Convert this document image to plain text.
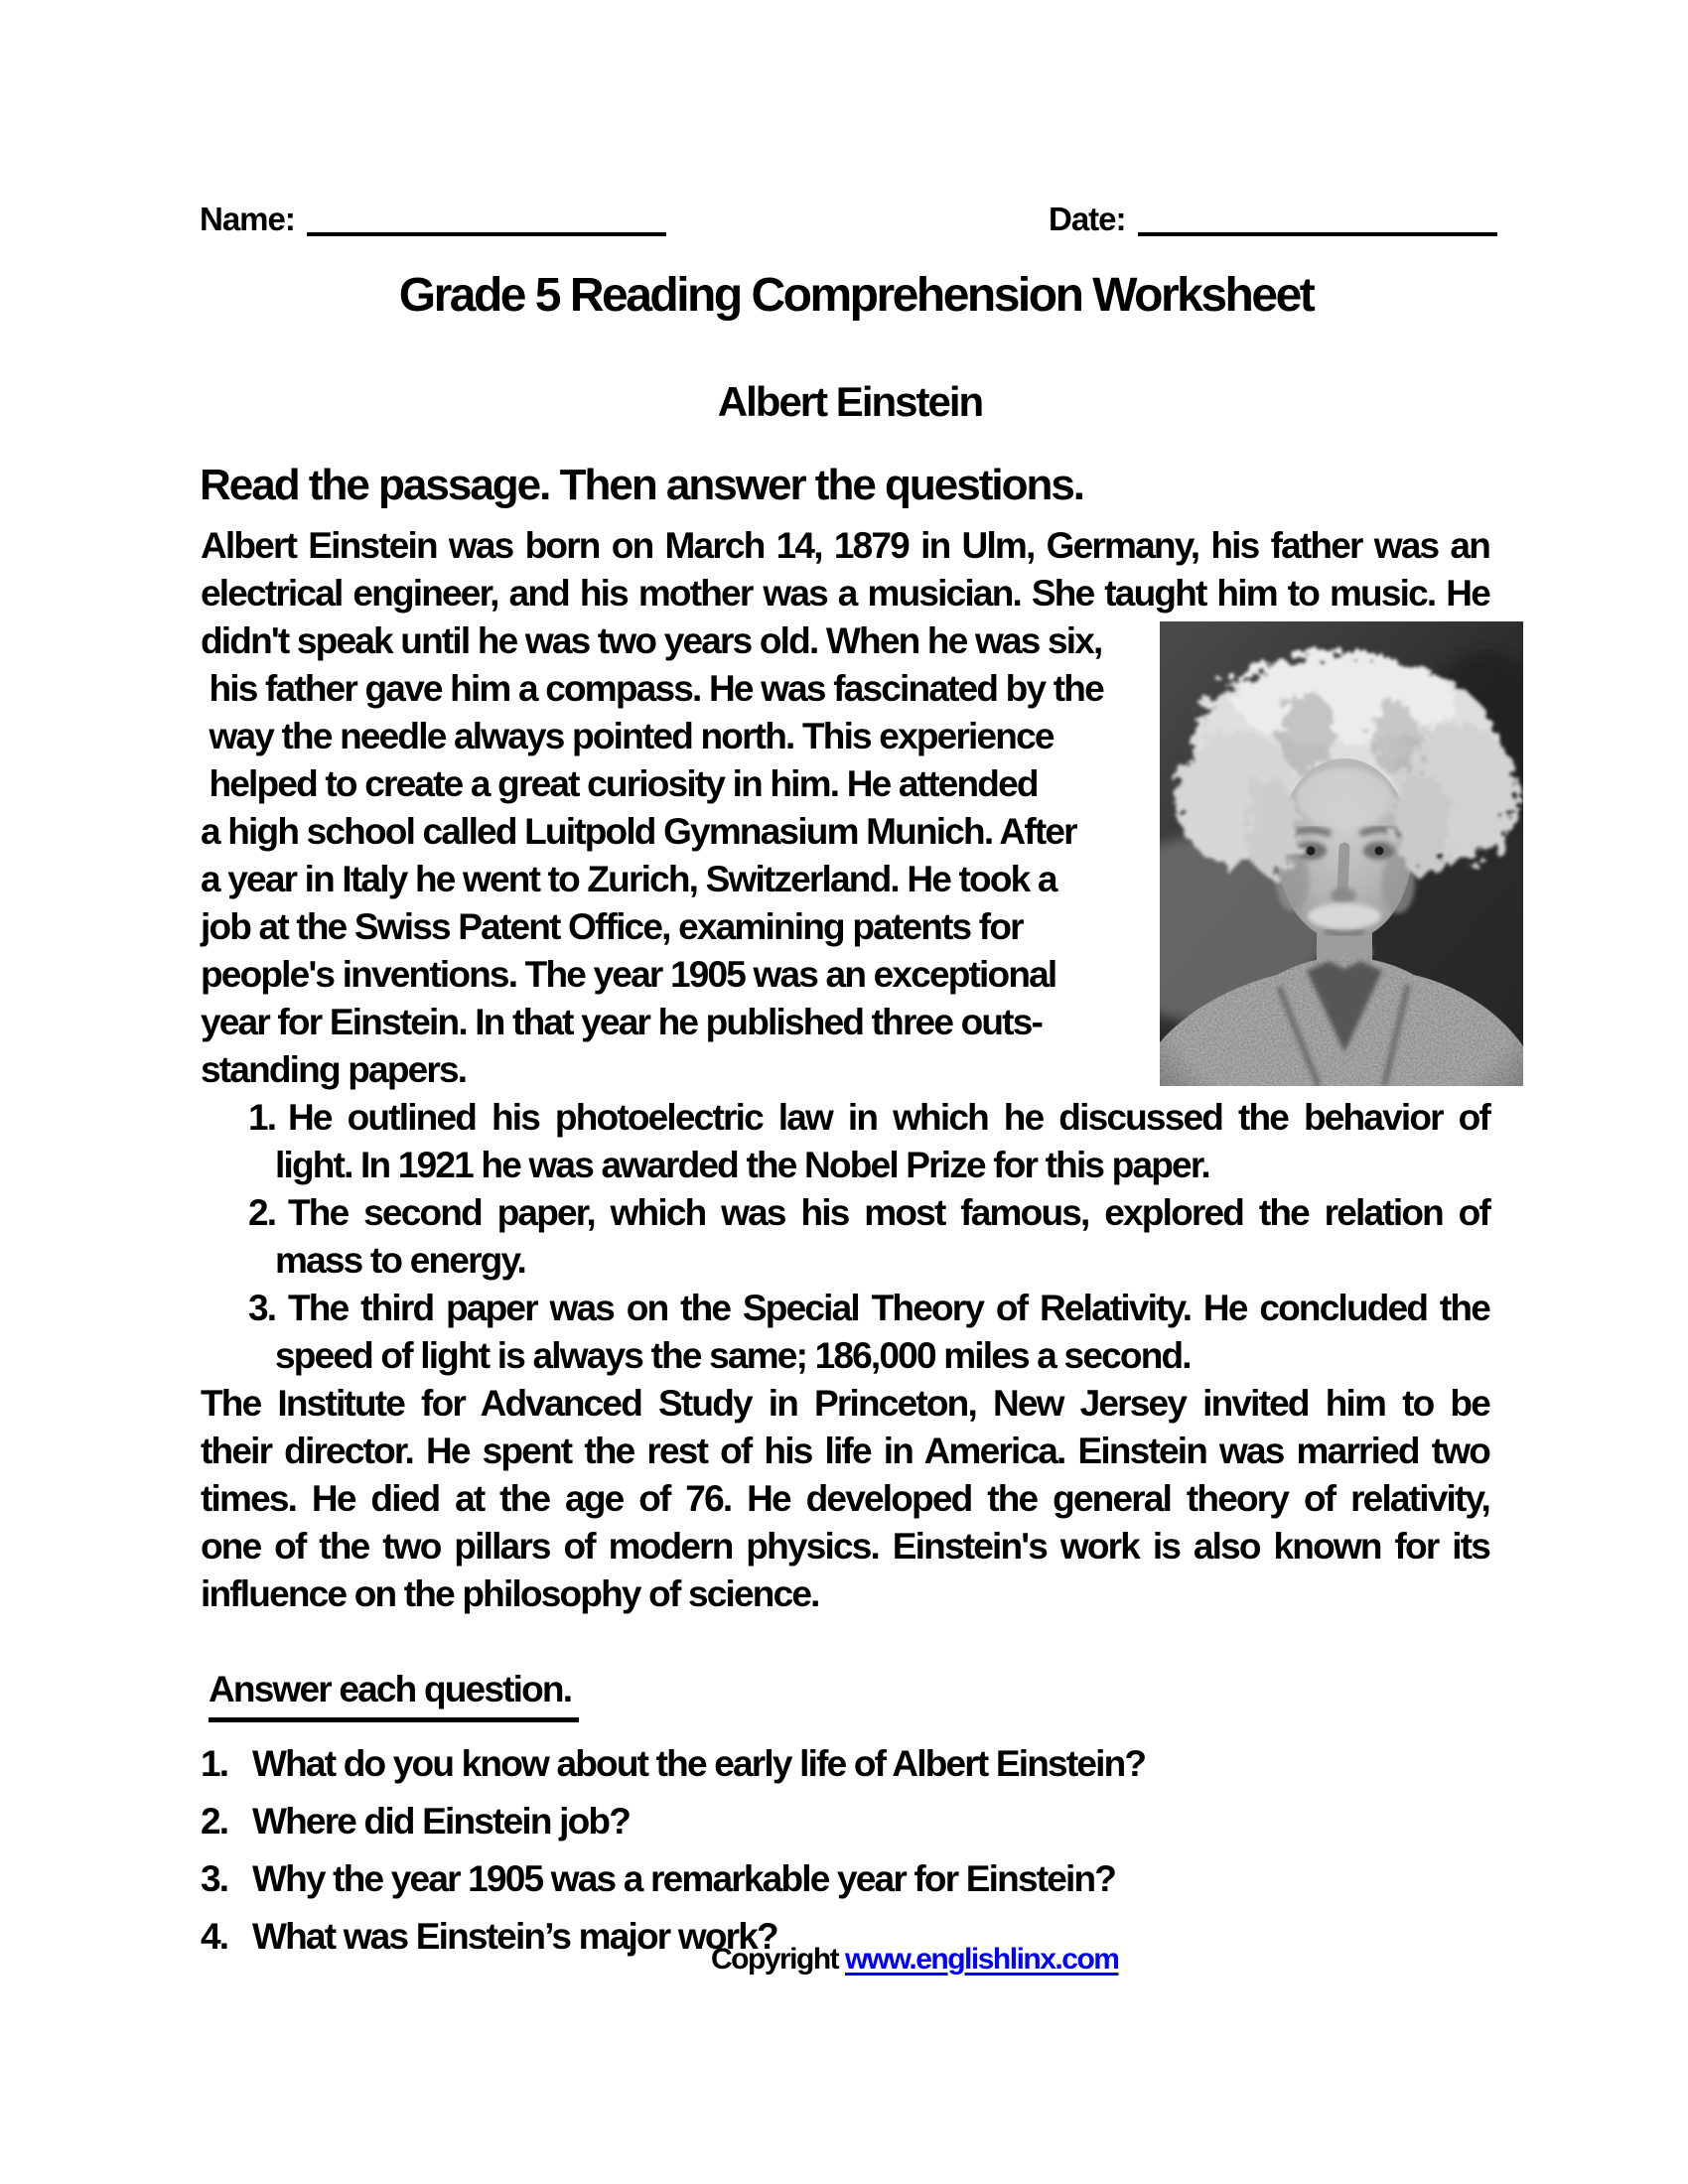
Name:	Date:
Grade 5 Reading Comprehension Worksheet
Albert Einstein
Read the passage. Then answer the questions.
Albert Einstein was born on March 14, 1879 in Ulm, Germany, his father was an
electrical engineer, and his mother was a musician. She taught him to music. He
didn't speak until he was two years old. When he was six,
his father gave him a compass. He was fascinated by the
way the needle always pointed north. This experience
helped to create a great curiosity in him. He attended
a high school called Luitpold Gymnasium Munich. After
a year in Italy he went to Zurich, Switzerland. He took a
job at the Swiss Patent Office, examining patents for
people's inventions. The year 1905 was an exceptional
year for Einstein. In that year he published three outs-
standing papers.
1. He outlined his photoelectric law in which he discussed the behavior of
light. In 1921 he was awarded the Nobel Prize for this paper.
2. The second paper, which was his most famous, explored the relation of
mass to energy.
3. The third paper was on the Special Theory of Relativity. He concluded the
speed of light is always the same; 186,000 miles a second.
The Institute for Advanced Study in Princeton, New Jersey invited him to be
their director. He spent the rest of his life in America. Einstein was married two
times. He died at the age of 76. He developed the general theory of relativity,
one of the two pillars of modern physics. Einstein's work is also known for its
influence on the philosophy of science.
Answer each question.
1. What do you know about the early life of Albert Einstein?
2. Where did Einstein job?
3. Why the year 1905 was a remarkable year for Einstein?
4. What was Einstein’s major work?
Copyright www.englishlinx.com
